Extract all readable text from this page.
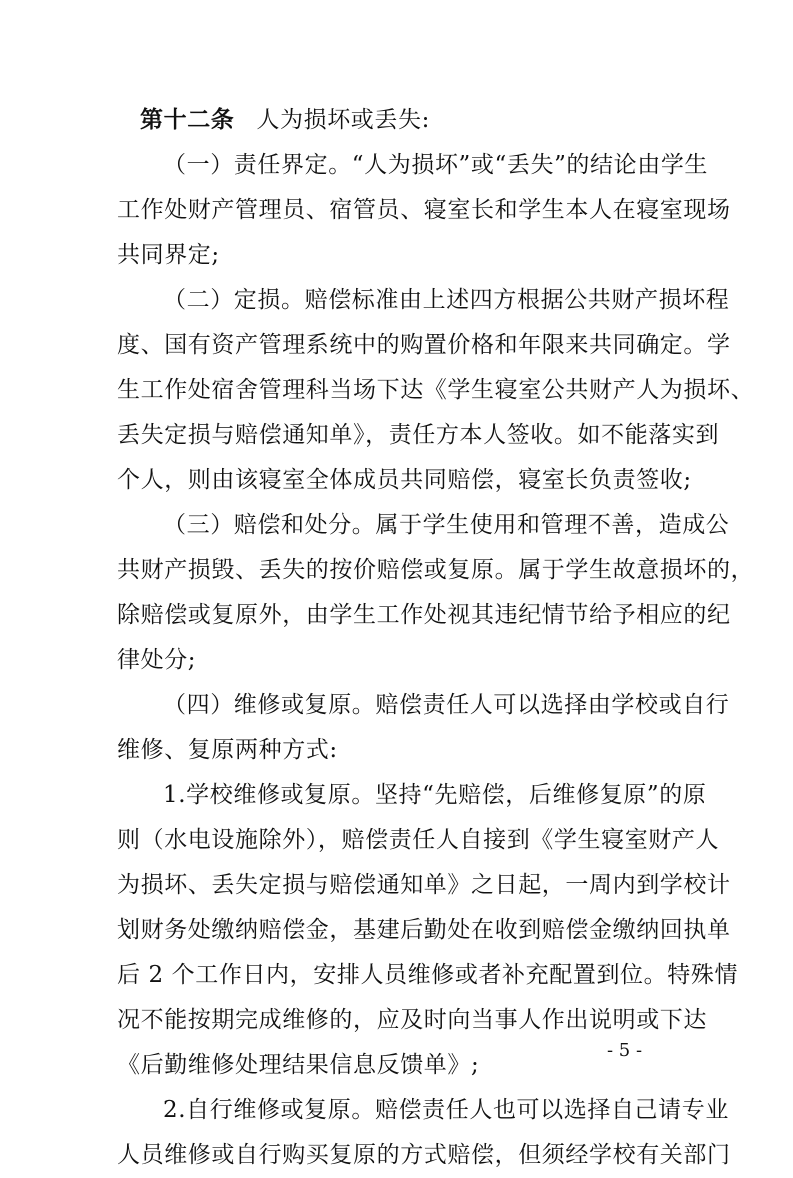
第十二条 人为损坏或丢失:
（一）责任界定。“人为损坏”或“丢失”的结论由学生
工作处财产管理员、宿管员、寝室长和学生本人在寝室现场
共同界定;
（二）定损。赔偿标准由上述四方根据公共财产损坏程
度、国有资产管理系统中的购置价格和年限来共同确定。学
生工作处宿舍管理科当场下达《学生寝室公共财产人为损坏、
丢失定损与赔偿通知单》，责任方本人签收。如不能落实到
个人，则由该寝室全体成员共同赔偿，寝室长负责签收;
（三）赔偿和处分。属于学生使用和管理不善，造成公
共财产损毁、丢失的按价赔偿或复原。属于学生故意损坏的，
除赔偿或复原外，由学生工作处视其违纪情节给予相应的纪
律处分;
（四）维修或复原。赔偿责任人可以选择由学校或自行
维修、复原两种方式:
1.学校维修或复原。坚持“先赔偿，后维修复原”的原
则（水电设施除外），赔偿责任人自接到《学生寝室财产人
为损坏、丢失定损与赔偿通知单》之日起，一周内到学校计
划财务处缴纳赔偿金，基建后勤处在收到赔偿金缴纳回执单
后 2 个工作日内，安排人员维修或者补充配置到位。特殊情
况不能按期完成维修的，应及时向当事人作出说明或下达
《后勤维修处理结果信息反馈单》;
2.自行维修或复原。赔偿责任人也可以选择自己请专业
人员维修或自行购买复原的方式赔偿，但须经学校有关部门
- 5 -
